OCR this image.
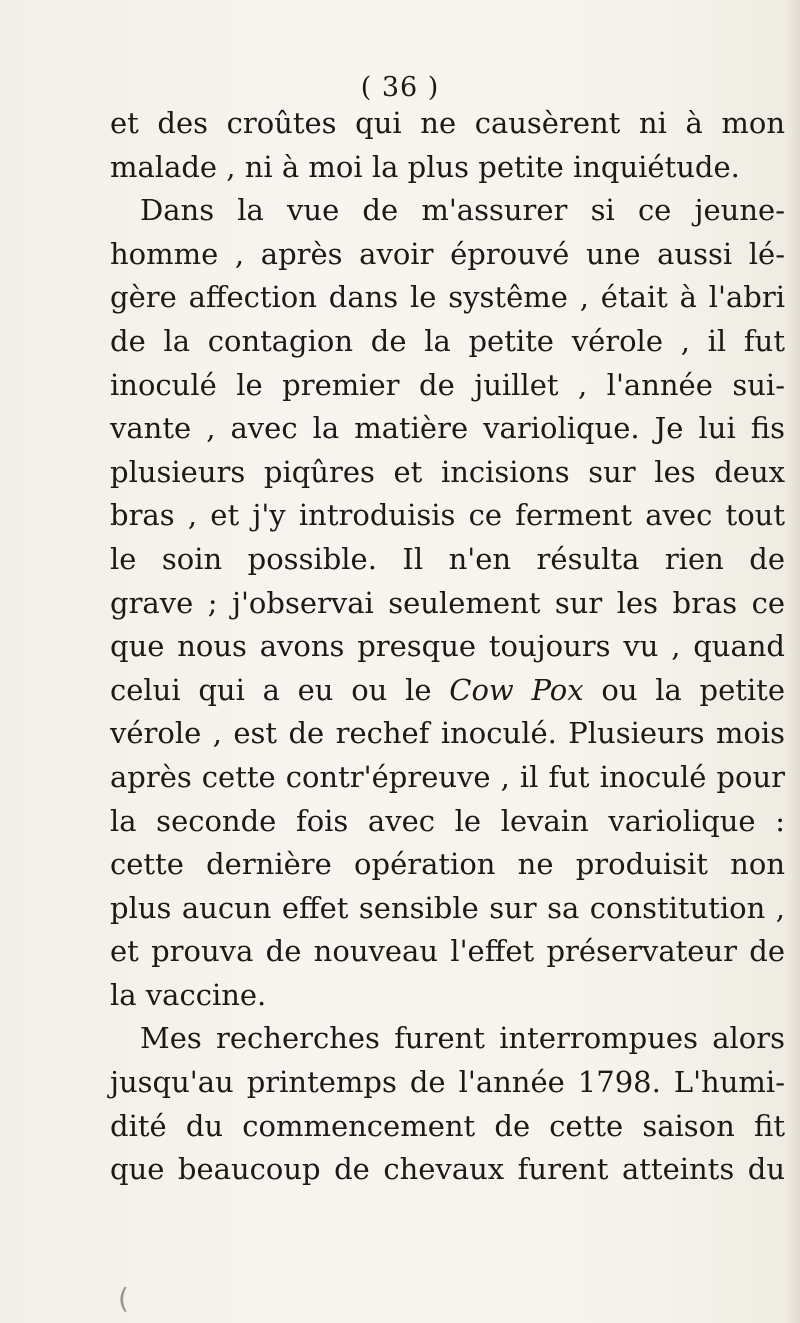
( 36 )
et des croûtes qui ne causèrent ni à mon
malade , ni à moi la plus petite inquiétude.
Dans la vue de m'assurer si ce jeune-
homme , après avoir éprouvé une aussi lé-
gère affection dans le systême , était à l'abri
de la contagion de la petite vérole , il fut
inoculé le premier de juillet , l'année sui-
vante , avec la matière variolique. Je lui fis
plusieurs piqûres et incisions sur les deux
bras , et j'y introduisis ce ferment avec tout
le soin possible. Il n'en résulta rien de
grave ; j'observai seulement sur les bras ce
que nous avons presque toujours vu , quand
celui qui a eu ou le Cow Pox ou la petite
vérole , est de rechef inoculé. Plusieurs mois
après cette contr'épreuve , il fut inoculé pour
la seconde fois avec le levain variolique :
cette dernière opération ne produisit non
plus aucun effet sensible sur sa constitution ,
et prouva de nouveau l'effet préservateur de
la vaccine.
Mes recherches furent interrompues alors
jusqu'au printemps de l'année 1798. L'humi-
dité du commencement de cette saison fit
que beaucoup de chevaux furent atteints du
(
